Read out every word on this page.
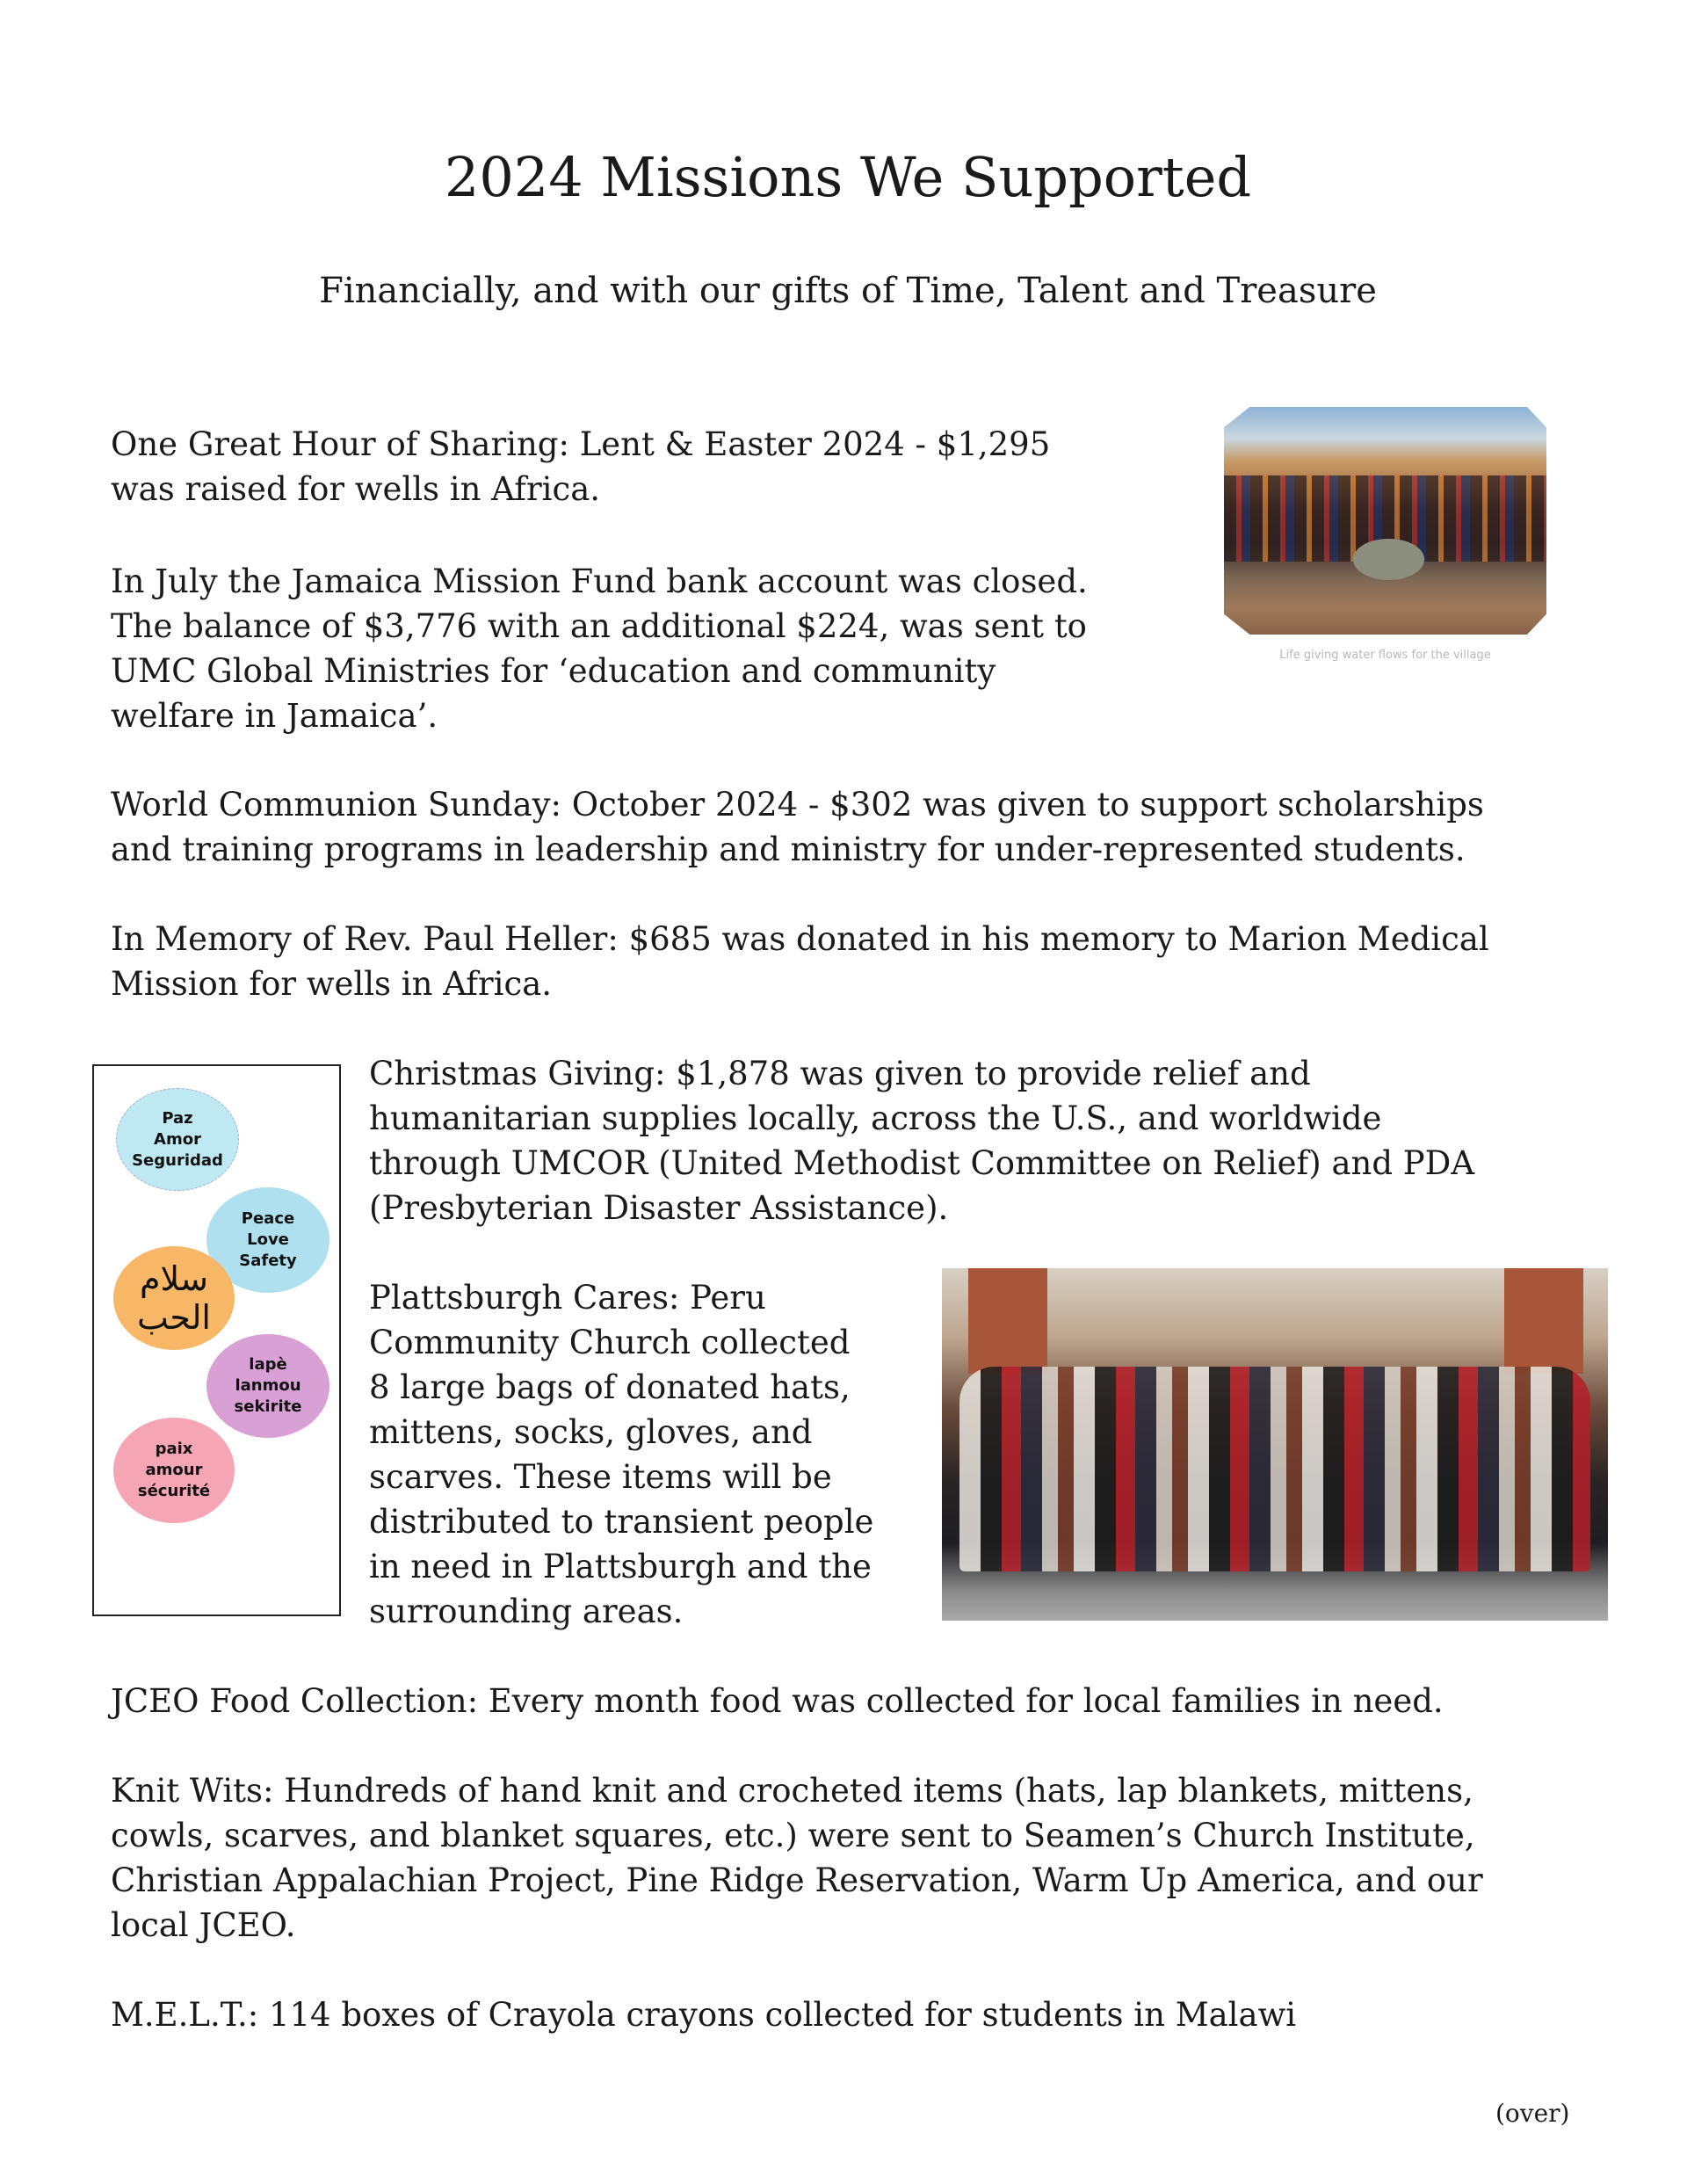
2024 Missions We Supported
Financially, and with our gifts of Time, Talent and Treasure
One Great Hour of Sharing: Lent & Easter 2024 - $1,295
was raised for wells in Africa.
Life giving water flows for the village
In July the Jamaica Mission Fund bank account was closed.
The balance of $3,776 with an additional $224, was sent to
UMC Global Ministries for ‘education and community
welfare in Jamaica’.
World Communion Sunday: October 2024 - $302 was given to support scholarships
and training programs in leadership and ministry for under-represented students.
In Memory of Rev. Paul Heller: $685 was donated in his memory to Marion Medical
Mission for wells in Africa.
Paz
Amor
Seguridad
Peace
Love
Safety
سلام
الحب
lapè
lanmou
sekirite
paix
amour
sécurité
Christmas Giving: $1,878 was given to provide relief and
humanitarian supplies locally, across the U.S., and worldwide
through UMCOR (United Methodist Committee on Relief) and PDA
(Presbyterian Disaster Assistance).
Plattsburgh Cares: Peru
Community Church collected
8 large bags of donated hats,
mittens, socks, gloves, and
scarves. These items will be
distributed to transient people
in need in Plattsburgh and the
surrounding areas.
JCEO Food Collection: Every month food was collected for local families in need.
Knit Wits: Hundreds of hand knit and crocheted items (hats, lap blankets, mittens,
cowls, scarves, and blanket squares, etc.) were sent to Seamen’s Church Institute,
Christian Appalachian Project, Pine Ridge Reservation, Warm Up America, and our
local JCEO.
M.E.L.T.: 114 boxes of Crayola crayons collected for students in Malawi
(over)
